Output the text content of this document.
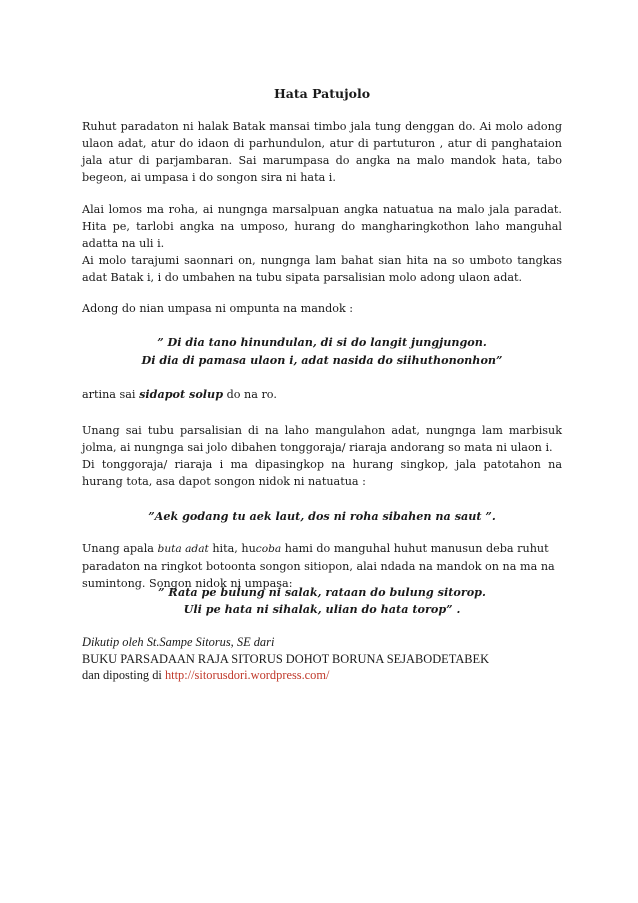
Hata Patujolo

Ruhut paradaton ni halak Batak mansai timbo jala tung denggan do. Ai molo adong ulaon adat, atur do idaon di parhundulon, atur di partuturon , atur di panghataion jala atur di parjambaran. Sai marumpasa do angka na malo mandok hata, tabo begeon, ai umpasa i do songon sira ni hata i.

Alai lomos ma roha, ai nungnga marsalpuan angka natuatua na malo jala paradat. Hita pe, tarlobi angka na umposo, hurang do mangharingkothon laho manguhal adatta na uli i.

Ai molo tarajumi saonnari on, nungnga lam bahat sian hita na so umboto tangkas adat Batak i, i do umbahen na tubu sipata parsalisian molo adong ulaon adat.

Adong do nian umpasa ni ompunta na mandok :

” Di dia tano hinundulan, di si do langit jungjungon.
Di dia di pamasa ulaon i, adat nasida do siihuthononhon”

artina sai sidapot solup do na ro.

Unang sai tubu parsalisian di na laho mangulahon adat, nungnga lam marbisuk jolma, ai nungnga sai jolo dibahen tonggoraja/ riaraja andorang so mata ni ulaon i.

Di tonggoraja/ riaraja i ma dipasingkop na hurang singkop, jala patotahon na hurang tota, asa dapot songon nidok ni natuatua :

”Aek godang tu aek laut, dos ni roha sibahen na saut ”.

Unang apala buta adat hita, hucoba hami do manguhal huhut manusun deba ruhut paradaton na ringkot botoonta songon sitiopon, alai ndada na mandok on na ma na sumintong. Songon nidok ni umpasa:

” Rata pe bulung ni salak, rataan do bulung sitorop.
Uli pe hata ni sihalak, ulian do hata torop” .
Dikutip oleh St.Sampe Sitorus, SE dari
BUKU PARSADAAN RAJA SITORUS DOHOT BORUNA SEJABODETABEK
dan diposting di http://sitorusdori.wordpress.com/
